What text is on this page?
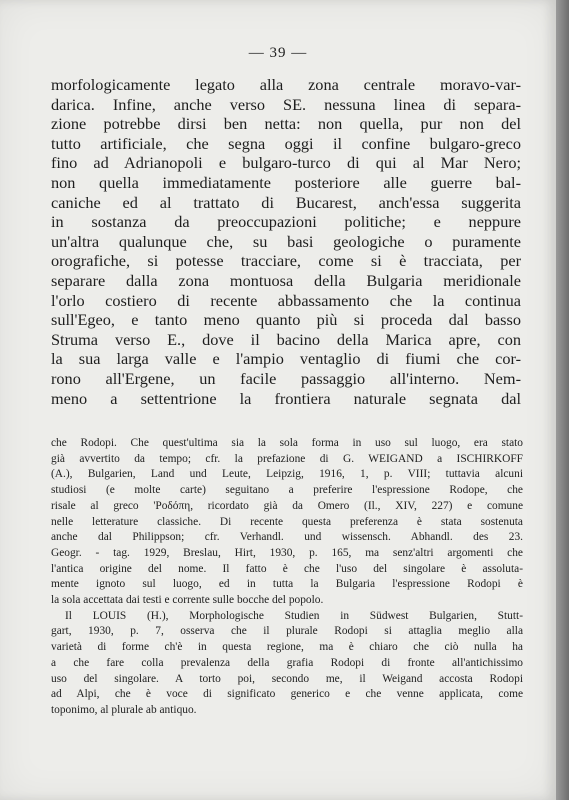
— 39 —
morfologicamente legato alla zona centrale moravo-var-
darica. Infine, anche verso SE. nessuna linea di separa-
zione potrebbe dirsi ben netta: non quella, pur non del
tutto artificiale, che segna oggi il confine bulgaro-greco
fino ad Adrianopoli e bulgaro-turco di qui al Mar Nero;
non quella immediatamente posteriore alle guerre bal-
caniche ed al trattato di Bucarest, anch'essa suggerita
in sostanza da preoccupazioni politiche; e neppure
un'altra qualunque che, su basi geologiche o puramente
orografiche, si potesse tracciare, come si è tracciata, per
separare dalla zona montuosa della Bulgaria meridionale
l'orlo costiero di recente abbassamento che la continua
sull'Egeo, e tanto meno quanto più si proceda dal basso
Struma verso E., dove il bacino della Marica apre, con
la sua larga valle e l'ampio ventaglio di fiumi che cor-
rono all'Ergene, un facile passaggio all'interno. Nem-
meno a settentrione la frontiera naturale segnata dal
che Rodopi. Che quest'ultima sia la sola forma in uso sul luogo, era stato
già avvertito da tempo; cfr. la prefazione di G. WEIGAND a ISCHIRKOFF
(A.), Bulgarien, Land und Leute, Leipzig, 1916, 1, p. VIII; tuttavia alcuni
studiosi (e molte carte) seguitano a preferire l'espressione Rodope, che
risale al greco 'Ροδόπη, ricordato già da Omero (Il., XIV, 227) e comune
nelle letterature classiche. Di recente questa preferenza è stata sostenuta
anche dal Philippson; cfr. Verhandl. und wissensch. Abhandl. des 23.
Geogr. - tag. 1929, Breslau, Hirt, 1930, p. 165, ma senz'altri argomenti che
l'antica origine del nome. Il fatto è che l'uso del singolare è assoluta-
mente ignoto sul luogo, ed in tutta la Bulgaria l'espressione Rodopi è
la sola accettata dai testi e corrente sulle bocche del popolo.
Il LOUIS (H.), Morphologische Studien in Südwest Bulgarien, Stutt-
gart, 1930, p. 7, osserva che il plurale Rodopi si attaglia meglio alla
varietà di forme ch'è in questa regione, ma è chiaro che ciò nulla ha
a che fare colla prevalenza della grafia Rodopi di fronte all'antichissimo
uso del singolare. A torto poi, secondo me, il Weigand accosta Rodopi
ad Alpi, che è voce di significato generico e che venne applicata, come
toponimo, al plurale ab antiquo.
